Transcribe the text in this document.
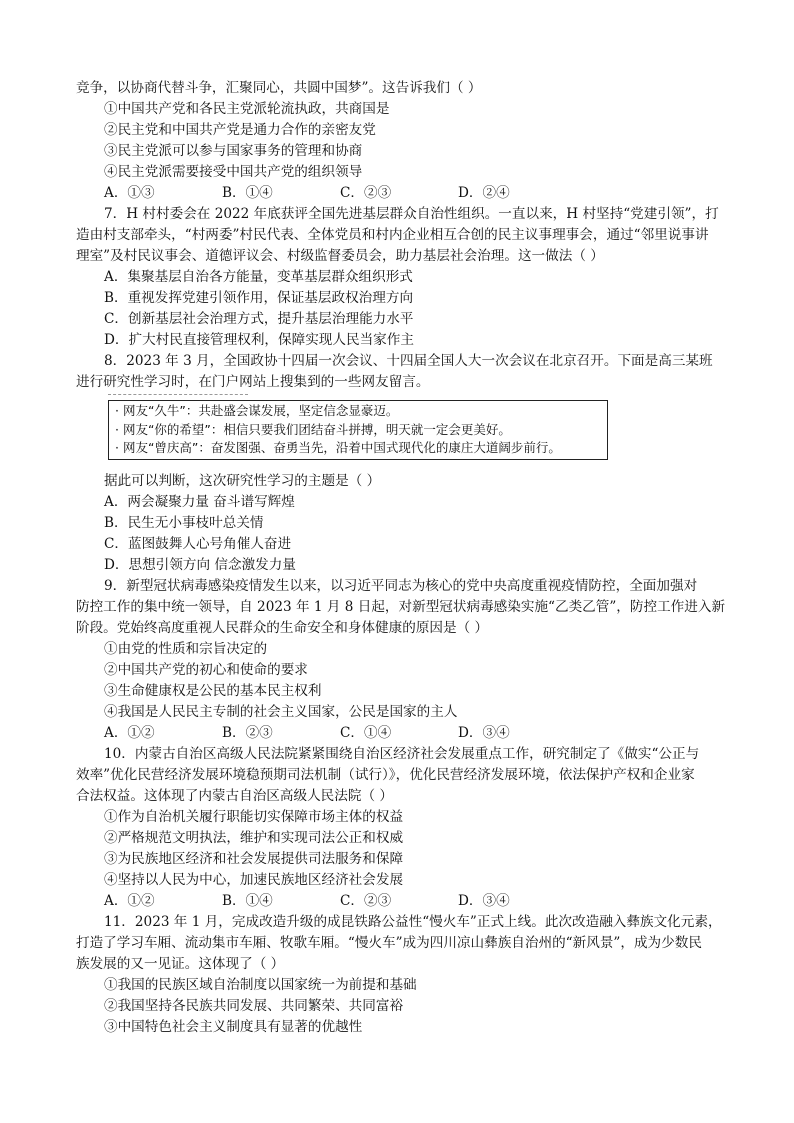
竞争，以协商代替斗争，汇聚同心，共圆中国梦”。这告诉我们（ ）
①中国共产党和各民主党派轮流执政，共商国是
②民主党和中国共产党是通力合作的亲密友党
③民主党派可以参与国家事务的管理和协商
④民主党派需要接受中国共产党的组织领导
7．H 村村委会在 2022 年底获评全国先进基层群众自治性组织。一直以来，H 村坚持“党建引领”，打
造由村支部牵头，“村两委”村民代表、全体党员和村内企业相互合创的民主议事理事会，通过“邻里说事讲
理室”及村民议事会、道德评议会、村级监督委员会，助力基层社会治理。这一做法（ ）
A．集聚基层自治各方能量，变革基层群众组织形式
B．重视发挥党建引领作用，保证基层政权治理方向
C．创新基层社会治理方式，提升基层治理能力水平
D．扩大村民直接管理权利，保障实现人民当家作主
8．2023 年 3 月，全国政协十四届一次会议、十四届全国人大一次会议在北京召开。下面是高三某班
进行研究性学习时，在门户网站上搜集到的一些网友留言。
据此可以判断，这次研究性学习的主题是（ ）
A．两会凝聚力量 奋斗谱写辉煌
B．民生无小事枝叶总关情
C．蓝图鼓舞人心号角催人奋进
D．思想引领方向 信念激发力量
9．新型冠状病毒感染疫情发生以来，以习近平同志为核心的党中央高度重视疫情防控，全面加强对
防控工作的集中统一领导，自 2023 年 1 月 8 日起，对新型冠状病毒感染实施“乙类乙管”，防控工作进入新
阶段。党始终高度重视人民群众的生命安全和身体健康的原因是（ ）
①由党的性质和宗旨决定的
②中国共产党的初心和使命的要求
③生命健康权是公民的基本民主权利
④我国是人民民主专制的社会主义国家，公民是国家的主人
10．内蒙古自治区高级人民法院紧紧围绕自治区经济社会发展重点工作，研究制定了《做实“公正与
效率”优化民营经济发展环境稳预期司法机制（试行）》，优化民营经济发展环境，依法保护产权和企业家
合法权益。这体现了内蒙古自治区高级人民法院（ ）
①作为自治机关履行职能切实保障市场主体的权益
②严格规范文明执法，维护和实现司法公正和权威
③为民族地区经济和社会发展提供司法服务和保障
④坚持以人民为中心，加速民族地区经济社会发展
11．2023 年 1 月，完成改造升级的成昆铁路公益性“慢火车”正式上线。此次改造融入彝族文化元素，
打造了学习车厢、流动集市车厢、牧歌车厢。“慢火车”成为四川凉山彝族自治州的“新风景”，成为少数民
族发展的又一见证。这体现了（ ）
①我国的民族区域自治制度以国家统一为前提和基础
②我国坚持各民族共同发展、共同繁荣、共同富裕
③中国特色社会主义制度具有显著的优越性
A．①③	B．①④	C．②③	D．②④
A．①②	B．②③	C．①④	D．③④
A．①②	B．①④	C．②③	D．③④
· 网友“久牛”：共赴盛会谋发展，坚定信念显豪迈。
· 网友“你的希望”：相信只要我们团结奋斗拼搏，明天就一定会更美好。
· 网友“曾庆高”：奋发图强、奋勇当先，沿着中国式现代化的康庄大道阔步前行。
